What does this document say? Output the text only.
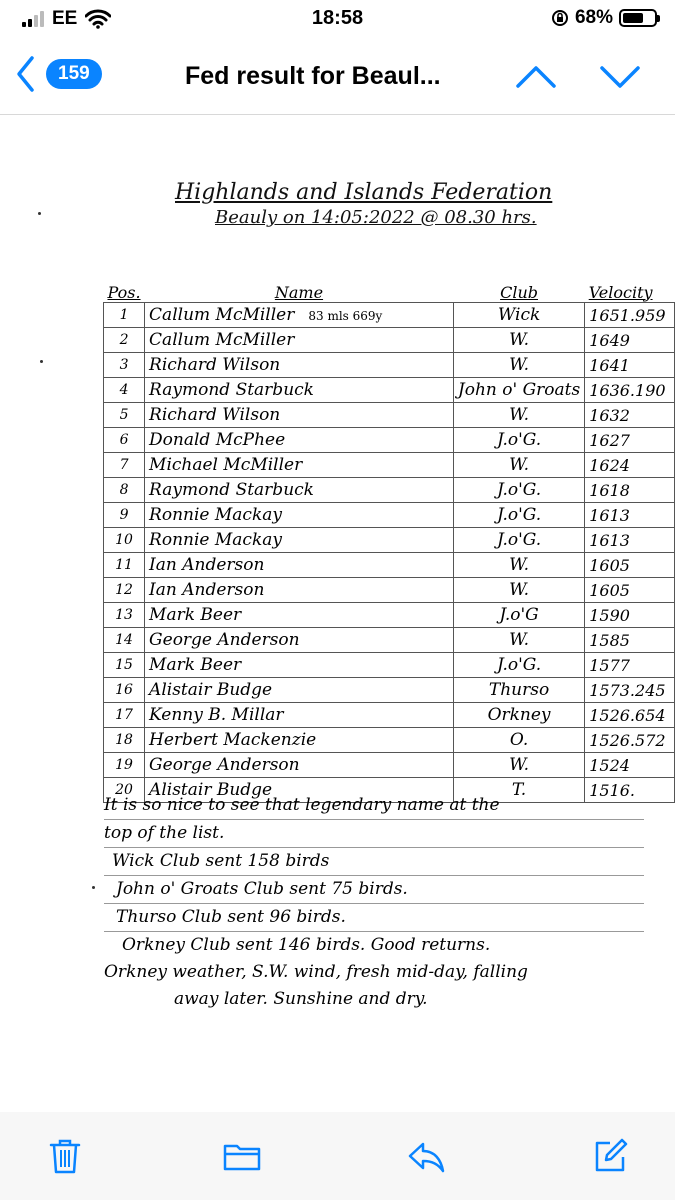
EE	18:58	68%
159	Fed result for Beaul...
Highlands and Islands Federation
Beauly on 14:05:2022 @ 08.30 hrs.
Pos.	Name	Club	Velocity
1	Callum McMiller 83 mls 669y	Wick	1651.959
2	Callum McMiller	W.	1649
3	Richard Wilson	W.	1641
4	Raymond Starbuck	John o' Groats	1636.190
5	Richard Wilson	W.	1632
6	Donald McPhee	J.o'G.	1627
7	Michael McMiller	W.	1624
8	Raymond Starbuck	J.o'G.	1618
9	Ronnie Mackay	J.o'G.	1613
10	Ronnie Mackay	J.o'G.	1613
11	Ian Anderson	W.	1605
12	Ian Anderson	W.	1605
13	Mark Beer	J.o'G	1590
14	George Anderson	W.	1585
15	Mark Beer	J.o'G.	1577
16	Alistair Budge	Thurso	1573.245
17	Kenny B. Millar	Orkney	1526.654
18	Herbert Mackenzie	O.	1526.572
19	George Anderson	W.	1524
20	Alistair Budge	T.	1516.
It is so nice to see that legendary name at the
top of the list.
Wick Club sent 158 birds
John o' Groats Club sent 75 birds.
Thurso Club sent 96 birds.
Orkney Club sent 146 birds. Good returns.
Orkney weather, S.W. wind, fresh mid-day, falling
away later. Sunshine and dry.
